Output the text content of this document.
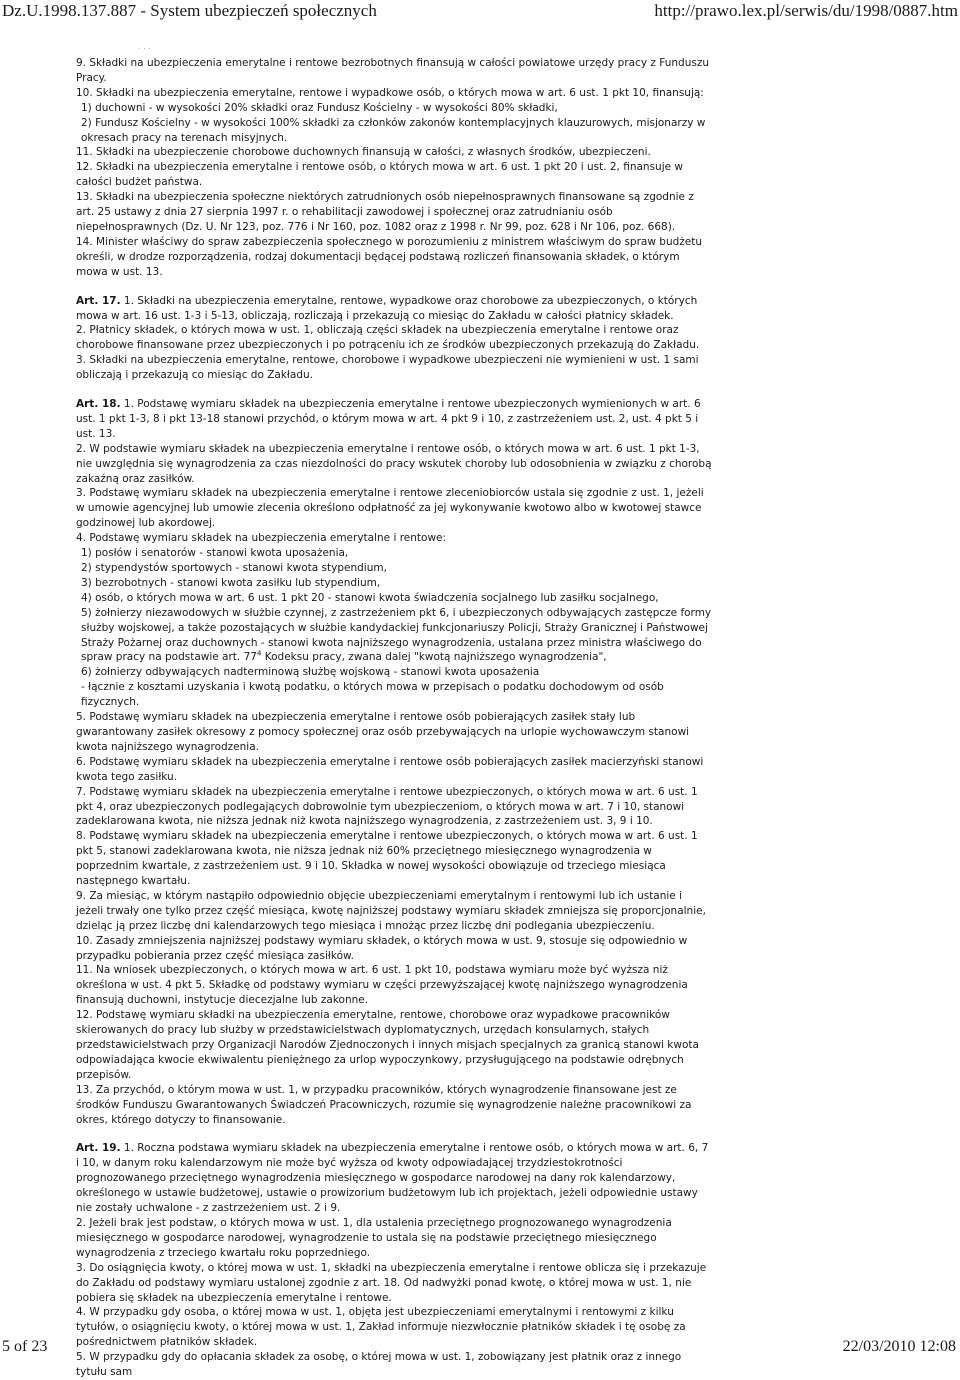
Dz.U.1998.137.887 - System ubezpieczeń społecznych	http://prawo.lex.pl/serwis/du/1998/0887.htm
. . .

9. Składki na ubezpieczenia emerytalne i rentowe bezrobotnych finansują w całości powiatowe urzędy pracy z Funduszu Pracy.

10. Składki na ubezpieczenia emerytalne, rentowe i wypadkowe osób, o których mowa w art. 6 ust. 1 pkt 10, finansują:

1) duchowni - w wysokości 20% składki oraz Fundusz Kościelny - w wysokości 80% składki,

2) Fundusz Kościelny - w wysokości 100% składki za członków zakonów kontemplacyjnych klauzurowych, misjonarzy w okresach pracy na terenach misyjnych.

11. Składki na ubezpieczenie chorobowe duchownych finansują w całości, z własnych środków, ubezpieczeni.

12. Składki na ubezpieczenia emerytalne i rentowe osób, o których mowa w art. 6 ust. 1 pkt 20 i ust. 2, finansuje w całości budżet państwa.

13. Składki na ubezpieczenia społeczne niektórych zatrudnionych osób niepełnosprawnych finansowane są zgodnie z art. 25 ustawy z dnia 27 sierpnia 1997 r. o rehabilitacji zawodowej i społecznej oraz zatrudnianiu osób niepełnosprawnych (Dz. U. Nr 123, poz. 776 i Nr 160, poz. 1082 oraz z 1998 r. Nr 99, poz. 628 i Nr 106, poz. 668).

14. Minister właściwy do spraw zabezpieczenia społecznego w porozumieniu z ministrem właściwym do spraw budżetu określi, w drodze rozporządzenia, rodzaj dokumentacji będącej podstawą rozliczeń finansowania składek, o którym mowa w ust. 13.

Art. 17. 1. Składki na ubezpieczenia emerytalne, rentowe, wypadkowe oraz chorobowe za ubezpieczonych, o których mowa w art. 16 ust. 1-3 i 5-13, obliczają, rozliczają i przekazują co miesiąc do Zakładu w całości płatnicy składek.

2. Płatnicy składek, o których mowa w ust. 1, obliczają części składek na ubezpieczenia emerytalne i rentowe oraz chorobowe finansowane przez ubezpieczonych i po potrąceniu ich ze środków ubezpieczonych przekazują do Zakładu.

3. Składki na ubezpieczenia emerytalne, rentowe, chorobowe i wypadkowe ubezpieczeni nie wymienieni w ust. 1 sami obliczają i przekazują co miesiąc do Zakładu.

Art. 18. 1. Podstawę wymiaru składek na ubezpieczenia emerytalne i rentowe ubezpieczonych wymienionych w art. 6 ust. 1 pkt 1-3, 8 i pkt 13-18 stanowi przychód, o którym mowa w art. 4 pkt 9 i 10, z zastrzeżeniem ust. 2, ust. 4 pkt 5 i ust. 13.

2. W podstawie wymiaru składek na ubezpieczenia emerytalne i rentowe osób, o których mowa w art. 6 ust. 1 pkt 1-3, nie uwzględnia się wynagrodzenia za czas niezdolności do pracy wskutek choroby lub odosobnienia w związku z chorobą zakaźną oraz zasiłków.

3. Podstawę wymiaru składek na ubezpieczenia emerytalne i rentowe zleceniobiorców ustala się zgodnie z ust. 1, jeżeli w umowie agencyjnej lub umowie zlecenia określono odpłatność za jej wykonywanie kwotowo albo w kwotowej stawce godzinowej lub akordowej.

4. Podstawę wymiaru składek na ubezpieczenia emerytalne i rentowe:

1) posłów i senatorów - stanowi kwota uposażenia,

2) stypendystów sportowych - stanowi kwota stypendium,

3) bezrobotnych - stanowi kwota zasiłku lub stypendium,

4) osób, o których mowa w art. 6 ust. 1 pkt 20 - stanowi kwota świadczenia socjalnego lub zasiłku socjalnego,

5) żołnierzy niezawodowych w służbie czynnej, z zastrzeżeniem pkt 6, i ubezpieczonych odbywających zastępcze formy służby wojskowej, a także pozostających w służbie kandydackiej funkcjonariuszy Policji, Straży Granicznej i Państwowej Straży Pożarnej oraz duchownych - stanowi kwota najniższego wynagrodzenia, ustalana przez ministra właściwego do spraw pracy na podstawie art. $77^4$ Kodeksu pracy, zwana dalej "kwotą najniższego wynagrodzenia",

6) żołnierzy odbywających nadterminową służbę wojskową - stanowi kwota uposażenia

- łącznie z kosztami uzyskania i kwotą podatku, o których mowa w przepisach o podatku dochodowym od osób fizycznych.

5. Podstawę wymiaru składek na ubezpieczenia emerytalne i rentowe osób pobierających zasiłek stały lub gwarantowany zasiłek okresowy z pomocy społecznej oraz osób przebywających na urlopie wychowawczym stanowi kwota najniższego wynagrodzenia.

6. Podstawę wymiaru składek na ubezpieczenia emerytalne i rentowe osób pobierających zasiłek macierzyński stanowi kwota tego zasiłku.

7. Podstawę wymiaru składek na ubezpieczenia emerytalne i rentowe ubezpieczonych, o których mowa w art. 6 ust. 1 pkt 4, oraz ubezpieczonych podlegających dobrowolnie tym ubezpieczeniom, o których mowa w art. 7 i 10, stanowi zadeklarowana kwota, nie niższa jednak niż kwota najniższego wynagrodzenia, z zastrzeżeniem ust. 3, 9 i 10.

8. Podstawę wymiaru składek na ubezpieczenia emerytalne i rentowe ubezpieczonych, o których mowa w art. 6 ust. 1 pkt 5, stanowi zadeklarowana kwota, nie niższa jednak niż 60% przeciętnego miesięcznego wynagrodzenia w poprzednim kwartale, z zastrzeżeniem ust. 9 i 10. Składka w nowej wysokości obowiązuje od trzeciego miesiąca następnego kwartału.

9. Za miesiąc, w którym nastąpiło odpowiednio objęcie ubezpieczeniami emerytalnym i rentowymi lub ich ustanie i jeżeli trwały one tylko przez część miesiąca, kwotę najniższej podstawy wymiaru składek zmniejsza się proporcjonalnie, dzieląc ją przez liczbę dni kalendarzowych tego miesiąca i mnożąc przez liczbę dni podlegania ubezpieczeniu.

10. Zasady zmniejszenia najniższej podstawy wymiaru składek, o których mowa w ust. 9, stosuje się odpowiednio w przypadku pobierania przez część miesiąca zasiłków.

11. Na wniosek ubezpieczonych, o których mowa w art. 6 ust. 1 pkt 10, podstawa wymiaru może być wyższa niż określona w ust. 4 pkt 5. Składkę od podstawy wymiaru w części przewyższającej kwotę najniższego wynagrodzenia finansują duchowni, instytucje diecezjalne lub zakonne.

12. Podstawę wymiaru składki na ubezpieczenia emerytalne, rentowe, chorobowe oraz wypadkowe pracowników skierowanych do pracy lub służby w przedstawicielstwach dyplomatycznych, urzędach konsularnych, stałych przedstawicielstwach przy Organizacji Narodów Zjednoczonych i innych misjach specjalnych za granicą stanowi kwota odpowiadająca kwocie ekwiwalentu pieniężnego za urlop wypoczynkowy, przysługującego na podstawie odrębnych przepisów.

13. Za przychód, o którym mowa w ust. 1, w przypadku pracowników, których wynagrodzenie finansowane jest ze środków Funduszu Gwarantowanych Świadczeń Pracowniczych, rozumie się wynagrodzenie należne pracownikowi za okres, którego dotyczy to finansowanie.

Art. 19. 1. Roczna podstawa wymiaru składek na ubezpieczenia emerytalne i rentowe osób, o których mowa w art. 6, 7 i 10, w danym roku kalendarzowym nie może być wyższa od kwoty odpowiadającej trzydziestokrotności prognozowanego przeciętnego wynagrodzenia miesięcznego w gospodarce narodowej na dany rok kalendarzowy, określonego w ustawie budżetowej, ustawie o prowizorium budżetowym lub ich projektach, jeżeli odpowiednie ustawy nie zostały uchwalone - z zastrzeżeniem ust. 2 i 9.

2. Jeżeli brak jest podstaw, o których mowa w ust. 1, dla ustalenia przeciętnego prognozowanego wynagrodzenia miesięcznego w gospodarce narodowej, wynagrodzenie to ustala się na podstawie przeciętnego miesięcznego wynagrodzenia z trzeciego kwartału roku poprzedniego.

3. Do osiągnięcia kwoty, o której mowa w ust. 1, składki na ubezpieczenia emerytalne i rentowe oblicza się i przekazuje do Zakładu od podstawy wymiaru ustalonej zgodnie z art. 18. Od nadwyżki ponad kwotę, o której mowa w ust. 1, nie pobiera się składek na ubezpieczenia emerytalne i rentowe.

4. W przypadku gdy osoba, o której mowa w ust. 1, objęta jest ubezpieczeniami emerytalnymi i rentowymi z kilku tytułów, o osiągnięciu kwoty, o której mowa w ust. 1, Zakład informuje niezwłocznie płatników składek i tę osobę za pośrednictwem płatników składek.

5. W przypadku gdy do opłacania składek za osobę, o której mowa w ust. 1, zobowiązany jest płatnik oraz z innego tytułu sam

5 of 23	22/03/2010 12:08
